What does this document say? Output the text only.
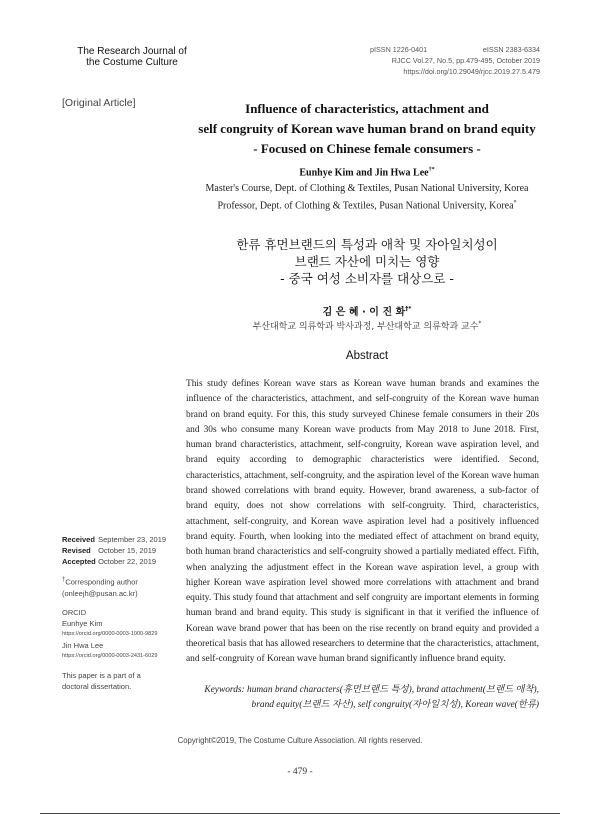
The Research Journal of
the Costume Culture
pISSN 1226-0401	eISSN 2383-6334
RJCC Vol.27, No.5, pp.479-495, October 2019
https://doi.org/10.29049/rjcc.2019.27.5.479
[Original Article]	Influence of characteristics, attachment and
self congruity of Korean wave human brand on brand equity
- Focused on Chinese female consumers -
Eunhye Kim and Jin Hwa Lee†*
Master's Course, Dept. of Clothing & Textiles, Pusan National University, Korea
Professor, Dept. of Clothing & Textiles, Pusan National University, Korea*
한류 휴먼브랜드의 특성과 애착 및 자아일치성이
브랜드 자산에 미치는 영향
- 중국 여성 소비자를 대상으로 -
김 은 혜 · 이 진 화†*
부산대학교 의류학과 박사과정, 부산대학교 의류학과 교수*
Abstract
This study defines Korean wave stars as Korean wave human brands and examines the influence of the characteristics, attachment, and self-congruity of the Korean wave human brand on brand equity. For this, this study surveyed Chinese female consumers in their 20s and 30s who consume many Korean wave products from May 2018 to June 2018. First, human brand characteristics, attachment, self-congruity, Korean wave aspiration level, and brand equity according to demographic characteristics were identified. Second, characteristics, attachment, self-congruity, and the aspiration level of the Korean wave human brand showed correlations with brand equity. However, brand awareness, a sub-factor of brand equity, does not show correlations with self-congruity. Third, characteristics, attachment, self-congruity, and Korean wave aspiration level had a positively influenced brand equity. Fourth, when looking into the mediated effect of attachment on brand equity, both human brand characteristics and self-congruity showed a partially mediated effect. Fifth, when analyzing the adjustment effect in the Korean wave aspiration level, a group with higher Korean wave aspiration level showed more correlations with attachment and brand equity. This study found that attachment and self congruity are important elements in forming human brand and brand equity. This study is significant in that it verified the influence of Korean wave brand power that has been on the rise recently on brand equity and provided a theoretical basis that has allowed researchers to determine that the characteristics, attachment, and self-congruity of Korean wave human brand significantly influence brand equity.
Keywords: human brand characters(휴먼브랜드 특성), brand attachment(브랜드 애착),
brand equity(브랜드 자산), self congruity(자아일치성), Korean wave(한류)
Received September 23, 2019
Revised October 15, 2019
Accepted October 22, 2019
†Corresponding author
(onleejh@pusan.ac.kr)
ORCID
Eunhye Kim
https://orcid.org/0000-0003-1000-9829
Jin Hwa Lee
https://orcid.org/0000-0003-2431-6029
This paper is a part of a
doctoral dissertation.
Copyright©2019, The Costume Culture Association. All rights reserved.
- 479 -
